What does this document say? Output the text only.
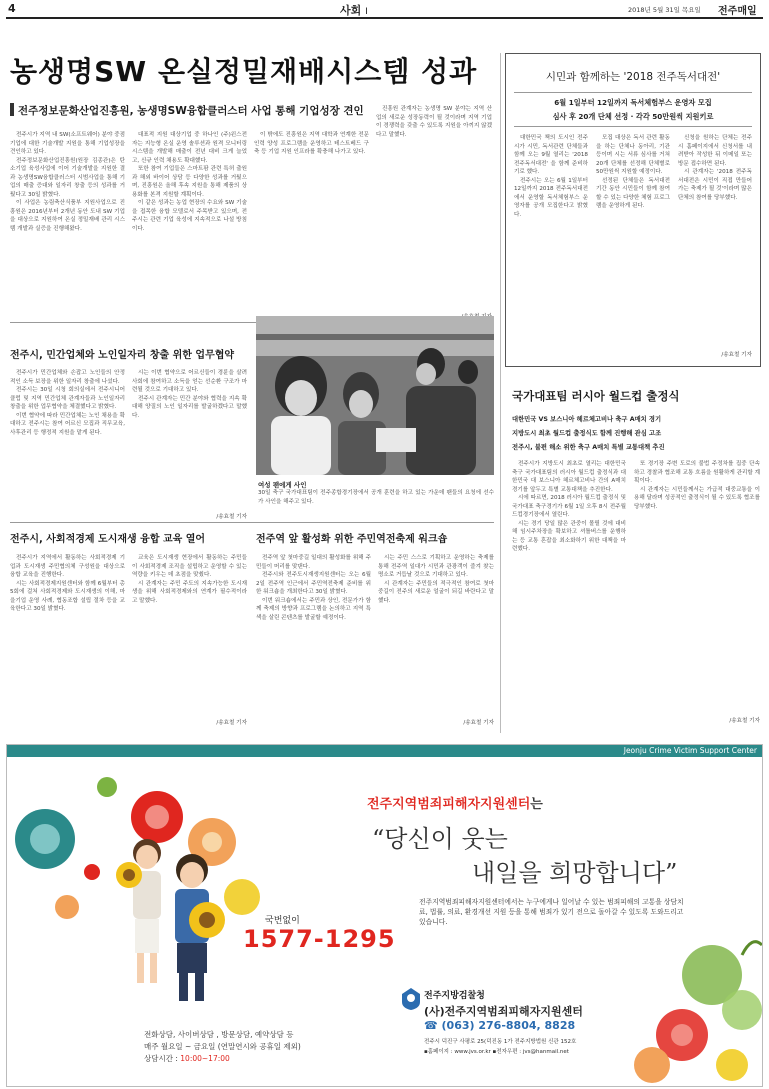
4	사회 Ⅰ	2018년 5월 31일 목요일 전주매일
농생명SW 온실정밀재배시스템 성과
전주정보문화산업진흥원, 농생명SW융합클러스터 사업 통해 기업성장 견인

전주시가 지역 내 SW(소프트웨어) 분야 중점기업에 대한 기술개발 지원을 통해 기업성장을 견인하고 있다.

전주정보문화산업진흥원(원장 김종관)은 탄소기업 육성사업에 이어 기술개발을 지원한 결과 농생명SW융합클러스터 시범사업을 통해 기업의 매출 증대와 일자리 창출 등의 성과를 거뒀다고 30일 밝혔다.

이 사업은 농림축산식품부 지원사업으로 진흥원은 2016년부터 2개년 동안 도내 SW 기업을 대상으로 지원하여 온실 정밀재배 관리 시스템 개발과 실증을 진행해왔다.

대표적 지원 대상기업 중 하나인 (주)윈스전자는 지능형 온실 운영 솔루션과 원격 모니터링 시스템을 개발해 매출이 전년 대비 크게 늘었고, 신규 인력 채용도 확대했다.

또한 참여 기업들은 스마트팜 관련 특허 출원과 해외 바이어 상담 등 다양한 성과를 거뒀으며, 진흥원은 올해 후속 지원을 통해 제품의 상용화를 본격 지원할 계획이다.

이 같은 성과는 농업 현장의 수요와 SW 기술을 접목한 융합 모델로서 주목받고 있으며, 전주시는 관련 기업 육성에 지속적으로 나설 방침이다.

이 밖에도 진흥원은 지역 대학과 연계한 전문인력 양성 프로그램을 운영하고 테스트베드 구축 등 기업 지원 인프라를 확충해 나가고 있다.

진흥원 관계자는 농생명 SW 분야는 지역 산업의 새로운 성장동력이 될 것이라며 지역 기업이 경쟁력을 갖출 수 있도록 지원을 아끼지 않겠다고 말했다.

전주시, 민간업체와 노인일자리 창출 위한 업무협약

전주시가 민간업체와 손잡고 노인들의 안정적인 소득 보장을 위한 일자리 창출에 나섰다.

전주시는 30일 시청 회의실에서 전주시니어클럽 및 지역 민간업체 관계자들과 노인일자리 창출을 위한 업무협약을 체결했다고 밝혔다.

이번 협약에 따라 민간업체는 노인 채용을 확대하고 전주시는 참여 어르신 모집과 직무교육, 사후관리 등 행정적 지원을 맡게 된다.

시는 이번 협약으로 어르신들이 경륜을 살려 사회에 참여하고 소득을 얻는 선순환 구조가 마련될 것으로 기대하고 있다.

전주시 관계자는 민간 분야와 협력을 지속 확대해 양질의 노인 일자리를 발굴하겠다고 말했다.

/송효철 기자
여성 팬에게 사인
30일 축구 국가대표팀이 전주종합경기장에서 공개 훈련을 하고 있는 가운데 팬들의 요청에 선수가 사인을 해주고 있다.
전주시, 사회적경제 도시재생 융합 교육 열어

전주시가 지역에서 활동하는 사회적경제 기업과 도시재생 주민협의체 구성원을 대상으로 융합 교육을 진행한다.

시는 사회적경제지원센터와 함께 6월부터 총 5회에 걸쳐 사회적경제와 도시재생의 이해, 마을기업 운영 사례, 협동조합 설립 절차 등을 교육한다고 30일 밝혔다.

교육은 도시재생 현장에서 활동하는 주민들이 사회적경제 조직을 설립하고 운영할 수 있는 역량을 키우는 데 초점을 맞췄다.

시 관계자는 주민 주도의 지속가능한 도시재생을 위해 사회적경제와의 연계가 필수적이라고 말했다.

/송효철 기자
전주역 앞 활성화 위한 주민역전축제 워크숍

전주역 앞 첫마중길 일대의 활성화를 위해 주민들이 머리를 맞댄다.

전주시와 전주도시재생지원센터는 오는 6월 2일 전주역 인근에서 주민역전축제 준비를 위한 워크숍을 개최한다고 30일 밝혔다.

이번 워크숍에서는 주민과 상인, 전문가가 함께 축제의 방향과 프로그램을 논의하고 지역 특색을 살린 콘텐츠를 발굴할 예정이다.

시는 주민 스스로 기획하고 운영하는 축제를 통해 전주역 일대가 시민과 관광객이 즐겨 찾는 명소로 거듭날 것으로 기대하고 있다.

시 관계자는 주민들의 적극적인 참여로 첫마중길이 전주의 새로운 얼굴이 되길 바란다고 말했다.

/송효철 기자
시민과 함께하는 '2018 전주독서대전'
6월 1일부터 12일까지 독서체험부스 운영자 모집
심사 후 20개 단체 선정 · 각각 50만원씩 지원키로

대한민국 책의 도시인 전주시가 시민, 독서관련 단체들과 함께 오는 9월 열리는 '2018 전주독서대전' 을 함께 준비하기로 했다.

전주시는 오는 6월 1일부터 12일까지 2018 전주독서대전에서 운영할 독서체험부스 운영자를 공개 모집한다고 밝혔다.

모집 대상은 독서 관련 활동을 하는 단체나 동아리, 기관 등이며 시는 서류 심사를 거쳐 20개 단체를 선정해 단체별로 50만원씩 지원할 예정이다.

선정된 단체들은 독서대전 기간 동안 시민들이 함께 참여할 수 있는 다양한 체험 프로그램을 운영하게 된다.

신청을 원하는 단체는 전주시 홈페이지에서 신청서를 내려받아 작성한 뒤 이메일 또는 방문 접수하면 된다.

시 관계자는 '2018 전주독서대전은 시민이 직접 만들어가는 축제가 될 것'이라며 많은 단체의 참여를 당부했다.

/송효철 기자
국가대표팀 러시아 월드컵 출정식
대한민국 VS 보스니아 헤르체고비나 축구 A매치 경기
지방도시 최초 월드컵 출정식도 함께 진행해 관심 고조
전주시, 불편 해소 위한 축구 A매치 특별 교통대책 추진

전주시가 지방도시 최초로 열리는 대한민국 축구 국가대표팀의 러시아 월드컵 출정식과 대한민국 대 보스니아 헤르체고비나 간의 A매치 경기를 앞두고 특별 교통대책을 추진한다.

시에 따르면, 2018 러시아 월드컵 출정식 및 국가대표 축구경기가 6월 1일 오후 8시 전주월드컵경기장에서 열린다.

시는 경기 당일 많은 관중이 몰릴 것에 대비해 임시주차장을 확보하고 셔틀버스를 운행하는 등 교통 혼잡을 최소화하기 위한 대책을 마련했다.

또 경기장 주변 도로의 불법 주정차를 집중 단속하고 경찰과 협조해 교통 흐름을 원활하게 관리할 계획이다.

시 관계자는 시민들께서는 가급적 대중교통을 이용해 달라며 성공적인 출정식이 될 수 있도록 협조를 당부했다.

/송효철 기자
Jeonju Crime Victim Support Center
전주지역범죄피해자지원센터는
“당신이 웃는
내일을 희망합니다”
전주지역범죄피해자지원센터에서는 누구에게나 일어날 수 있는 범죄피해의 고통을 상담치료, 법률, 의료, 환경개선 지원 등을 통해 범죄가 있기 전으로 돌아갈 수 있도록 도와드리고 있습니다.
국번없이
1577-1295
전화상담, 사이버상담 , 방문상담, 예약상담 등
매주 월요일 ~ 금요일 (연말연시와 공휴일 제외)
상담시간 : 10:00~17:00
전주지방검찰청
(사)전주지역범죄피해자지원센터
☎ (063) 276-8804, 8828
전주시 덕진구 사평로 25(덕진동 1가 전주지방법원 신관 152호
▪홈페이지 : www.jvs.or.kr ▪전자우편 : jvs@hanmail.net
